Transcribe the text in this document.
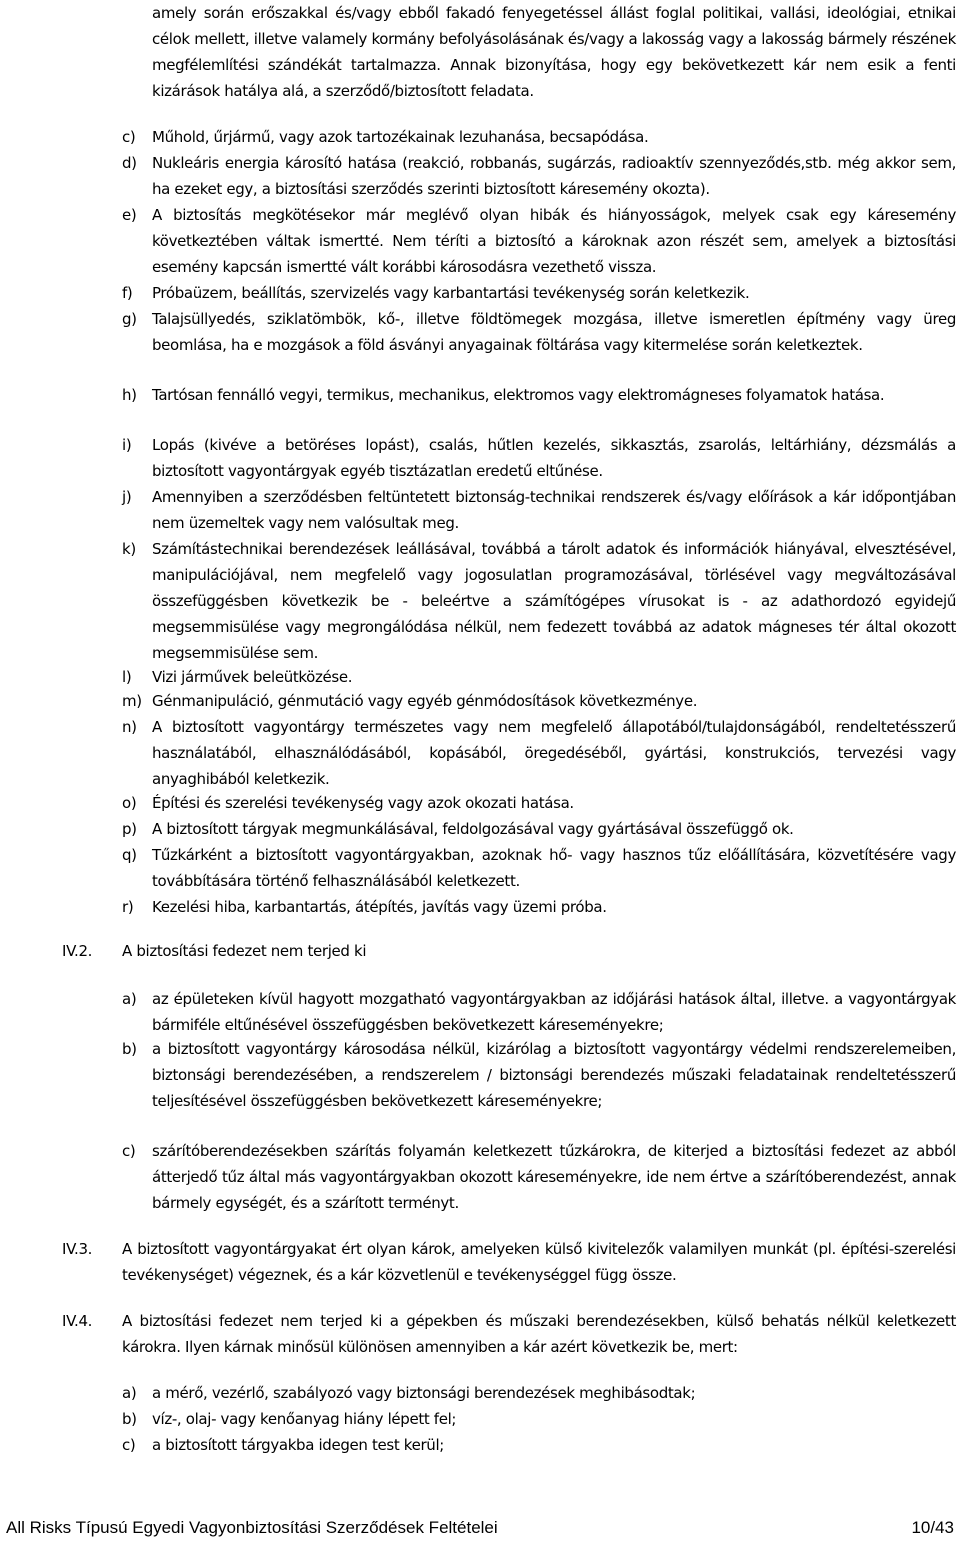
amely során erőszakkal és/vagy ebből fakadó fenyegetéssel állást foglal politikai, vallási, ideológiai, etnikai célok mellett, illetve valamely kormány befolyásolásának és/vagy a lakosság vagy a lakosság bármely részének megfélemlítési szándékát tartalmazza. Annak bizonyítása, hogy egy bekövetkezett kár nem esik a fenti kizárások hatálya alá, a szerződő/biztosított feladata.
c) Műhold, űrjármű, vagy azok tartozékainak lezuhanása, becsapódása.
d) Nukleáris energia károsító hatása (reakció, robbanás, sugárzás, radioaktív szennyeződés,stb. még akkor sem, ha ezeket egy, a biztosítási szerződés szerinti biztosított káresemény okozta).
e) A biztosítás megkötésekor már meglévő olyan hibák és hiányosságok, melyek csak egy káresemény következtében váltak ismertté. Nem téríti a biztosító a károknak azon részét sem, amelyek a biztosítási esemény kapcsán ismertté vált korábbi károsodásra vezethető vissza.
f) Próbaüzem, beállítás, szervizelés vagy karbantartási tevékenység során keletkezik.
g) Talajsüllyedés, sziklatömbök, kő-, illetve földtömegek mozgása, illetve ismeretlen építmény vagy üreg beomlása, ha e mozgások a föld ásványi anyagainak föltárása vagy kitermelése során keletkeztek.
h) Tartósan fennálló vegyi, termikus, mechanikus, elektromos vagy elektromágneses folyamatok hatása.
i) Lopás (kivéve a betöréses lopást), csalás, hűtlen kezelés, sikkasztás, zsarolás, leltárhiány, dézsmálás a biztosított vagyontárgyak egyéb tisztázatlan eredetű eltűnése.
j) Amennyiben a szerződésben feltüntetett biztonság-technikai rendszerek és/vagy előírások a kár időpontjában nem üzemeltek vagy nem valósultak meg.
k) Számítástechnikai berendezések leállásával, továbbá a tárolt adatok és információk hiányával, elvesztésével, manipulációjával, nem megfelelő vagy jogosulatlan programozásával, törlésével vagy megváltozásával összefüggésben következik be - beleértve a számítógépes vírusokat is - az adathordozó egyidejű megsemmisülése vagy megrongálódása nélkül, nem fedezett továbbá az adatok mágneses tér által okozott megsemmisülése sem.
l) Vizi járművek beleütközése.
m) Génmanipuláció, génmutáció vagy egyéb génmódosítások következménye.
n) A biztosított vagyontárgy természetes vagy nem megfelelő állapotából/tulajdonságából, rendeltetésszerű használatából, elhasználódásából, kopásából, öregedéséből, gyártási, konstrukciós, tervezési vagy anyaghibából keletkezik.
o) Építési és szerelési tevékenység vagy azok okozati hatása.
p) A biztosított tárgyak megmunkálásával, feldolgozásával vagy gyártásával összefüggő ok.
q) Tűzkárként a biztosított vagyontárgyakban, azoknak hő- vagy hasznos tűz előállítására, közvetítésére vagy továbbítására történő felhasználásából keletkezett.
r) Kezelési hiba, karbantartás, átépítés, javítás vagy üzemi próba.
IV.2. A biztosítási fedezet nem terjed ki
a) az épületeken kívül hagyott mozgatható vagyontárgyakban az időjárási hatások által, illetve. a vagyontárgyak bármiféle eltűnésével összefüggésben bekövetkezett káreseményekre;
b) a biztosított vagyontárgy károsodása nélkül, kizárólag a biztosított vagyontárgy védelmi rendszerelemeiben, biztonsági berendezésében, a rendszerelem / biztonsági berendezés műszaki feladatainak rendeltetésszerű teljesítésével összefüggésben bekövetkezett káreseményekre;
c) szárítóberendezésekben szárítás folyamán keletkezett tűzkárokra, de kiterjed a biztosítási fedezet az abból átterjedő tűz által más vagyontárgyakban okozott káreseményekre, ide nem értve a szárítóberendezést, annak bármely egységét, és a szárított terményt.
IV.3. A biztosított vagyontárgyakat ért olyan károk, amelyeken külső kivitelezők valamilyen munkát (pl. építési-szerelési tevékenységet) végeznek, és a kár közvetlenül e tevékenységgel függ össze.
IV.4. A biztosítási fedezet nem terjed ki a gépekben és műszaki berendezésekben, külső behatás nélkül keletkezett károkra. Ilyen kárnak minősül különösen amennyiben a kár azért következik be, mert:
a) a mérő, vezérlő, szabályozó vagy biztonsági berendezések meghibásodtak;
b) víz-, olaj- vagy kenőanyag hiány lépett fel;
c) a biztosított tárgyakba idegen test kerül;
All Risks Típusú Egyedi Vagyonbiztosítási Szerződések Feltételei	10/43
